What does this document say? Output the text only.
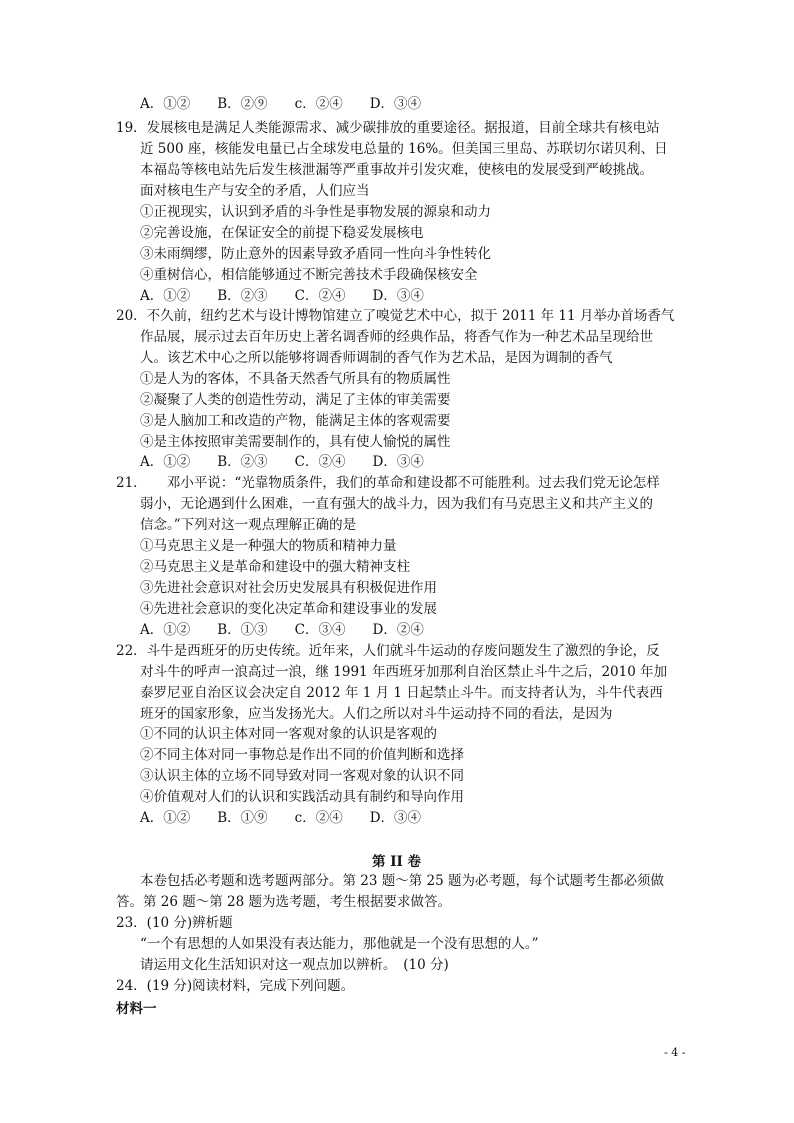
A．①②　　B．②⑨　　c．②④　　D．③④
19．发展核电是满足人类能源需求、减少碳排放的重要途径。据报道，目前全球共有核电站
近 500 座，核能发电量已占全球发电总量的 16%。但美国三里岛、苏联切尔诺贝利、日
本福岛等核电站先后发生核泄漏等严重事故并引发灾难，使核电的发展受到严峻挑战。
面对核电生产与安全的矛盾，人们应当
①正视现实，认识到矛盾的斗争性是事物发展的源泉和动力
②完善设施，在保证安全的前提下稳妥发展核电
③未雨绸缪，防止意外的因素导致矛盾同一性向斗争性转化
④重树信心，相信能够通过不断完善技术手段确保核安全
A．①②　　B．②③　　C．②④　　D．③④
20．不久前，纽约艺术与设计博物馆建立了嗅觉艺术中心，拟于 2011 年 11 月举办首场香气
作品展，展示过去百年历史上著名调香师的经典作品，将香气作为一种艺术品呈现给世
人。该艺术中心之所以能够将调香师调制的香气作为艺术品，是因为调制的香气
①是人为的客体，不具备天然香气所具有的物质属性
②凝聚了人类的创造性劳动，满足了主体的审美需要
③是人脑加工和改造的产物，能满足主体的客观需要
④是主体按照审美需要制作的，具有使人愉悦的属性
A．①②　　B．②③　　C．②④　　D．③④
21．　　邓小平说：“光靠物质条件，我们的革命和建设都不可能胜利。过去我们党无论怎样
弱小，无论遇到什么困难，一直有强大的战斗力，因为我们有马克思主义和共产主义的
信念。”下列对这一观点理解正确的是
①马克思主义是一种强大的物质和精神力量
②马克思主义是革命和建设中的强大精神支柱
③先进社会意识对社会历史发展具有积极促进作用
④先进社会意识的变化决定革命和建设事业的发展
A．①②　　B．①③　　C．③④　　D．②④
22．斗牛是西班牙的历史传统。近年来，人们就斗牛运动的存废问题发生了激烈的争论，反
对斗牛的呼声一浪高过一浪，继 1991 年西班牙加那利自治区禁止斗牛之后，2010 年加
泰罗尼亚自治区议会决定自 2012 年 1 月 1 日起禁止斗牛。而支持者认为，斗牛代表西
班牙的国家形象，应当发扬光大。人们之所以对斗牛运动持不同的看法，是因为
①不同的认识主体对同一客观对象的认识是客观的
②不同主体对同一事物总是作出不同的价值判断和选择
③认识主体的立场不同导致对同一客观对象的认识不同
④价值观对人们的认识和实践活动具有制约和导向作用
A．①②　　B．①⑨　　c．②④　　D．③④
第 II 卷
本卷包括必考题和选考题两部分。第 23 题～第 25 题为必考题，每个试题考生都必须做
答。第 26 题～第 28 题为选考题，考生根据要求做答。
23．(10 分)辨析题
“一个有思想的人如果没有表达能力，那他就是一个没有思想的人。”
请运用文化生活知识对这一观点加以辨析。　(10 分)
24．(19 分)阅读材料，完成下列问题。
材料一
- 4 -
